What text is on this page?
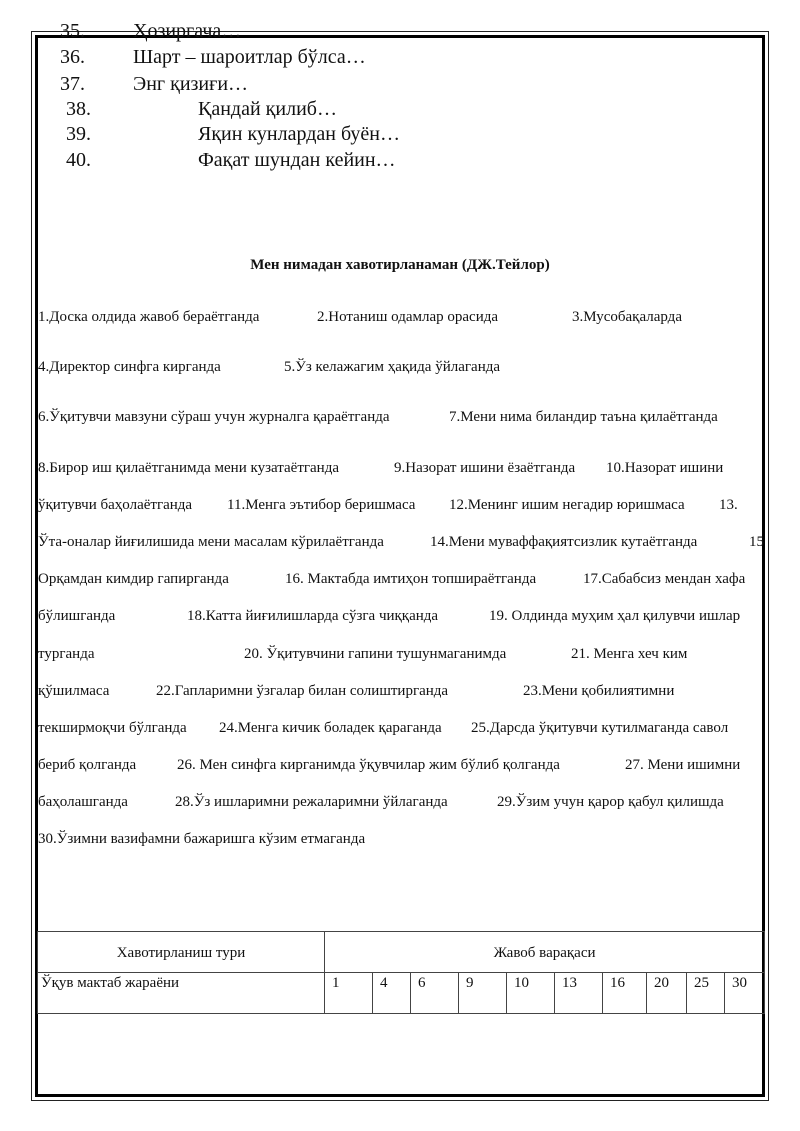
35. Ҳозиргача…
36. Шарт – шароитлар бўлса…
37. Энг қизиғи…
38.	Қандай қилиб…
39.	Яқин кунлардан буён…
40.	Фақат шундан кейин…
Мен нимадан хавотирланаман (ДЖ.Тейлор)
1.Доска олдида жавоб бераётганда	2.Нотаниш одамлар орасида	3.Мусобақаларда
4.Директор синфга кирганда	5.Ўз келажагим ҳақида ўйлаганда
6.Ўқитувчи мавзуни сўраш учун журналга қараётганда	7.Мени нима биландир таъна қилаётганда
8.Бирор иш қилаётганимда мени кузатаётганда	9.Назорат ишини ёзаётганда 10.Назорат ишини
ўқитувчи баҳолаётганда 11.Менга эътибор беришмаса 12.Менинг ишим негадир юришмаса 13.
Ўта-оналар йиғилишида мени масалам кўрилаётганда	14.Мени муваффақиятсизлик кутаётганда	15
Орқамдан кимдир гапирганда	16. Мактабда имтиҳон топшираётганда	17.Сабабсиз мендан хафа
бўлишганда	18.Катта йиғилишларда сўзга чиққанда	19. Олдинда муҳим ҳал қилувчи ишлар
турганда	20. Ўқитувчини гапини тушунмаганимда	21. Менга хеч ким
қўшилмаса	22.Гапларимни ўзгалар билан солиштирганда	23.Мени қобилиятимни
текширмоқчи бўлганда 24.Менга кичик боладек қараганда 25.Дарсда ўқитувчи кутилмаганда савол
бериб қолганда	26. Мен синфга кирганимда ўқувчилар жим бўлиб қолганда	27. Мени ишимни
баҳолашганда	28.Ўз ишларимни режаларимни ўйлаганда	29.Ўзим учун қарор қабул қилишда
30.Ўзимни вазифамни бажаришга кўзим етмаганда
Хавотирланиш тури	Жавоб варақаси									

Ўқув мактаб жараёни	1	4	6	9	10	13	16	20	25	30
